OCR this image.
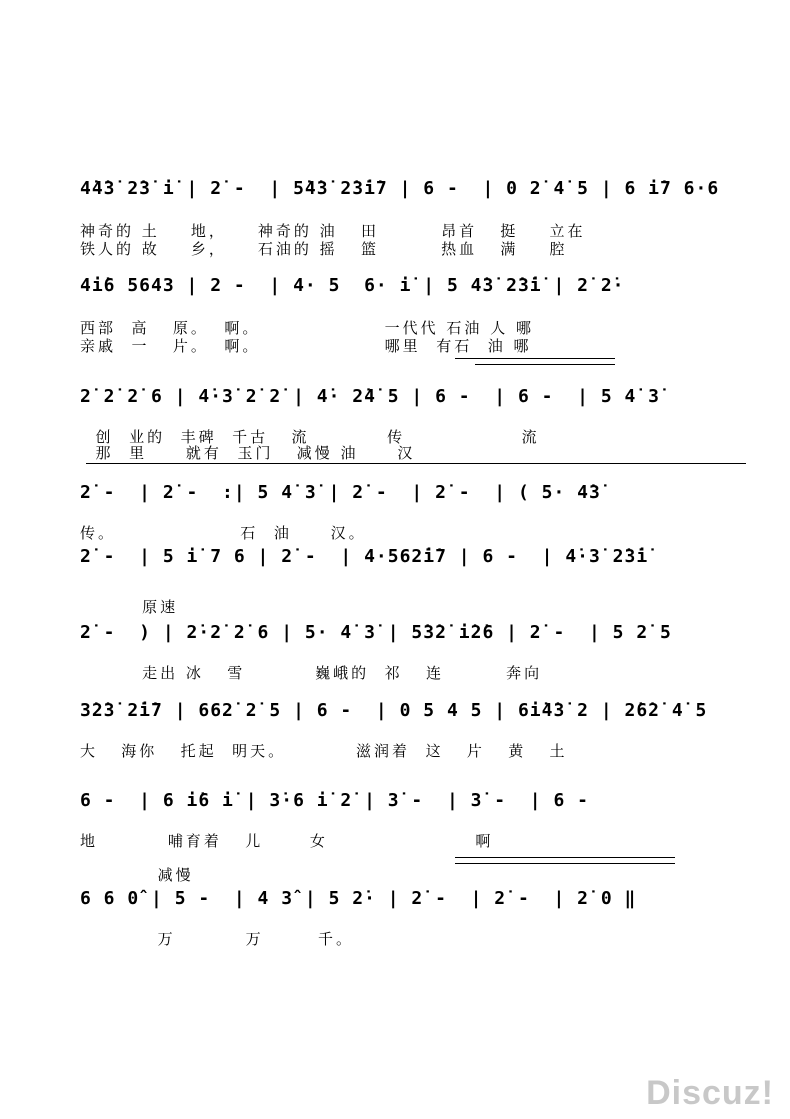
4̇4̇3̇ 2̇3̇ i̇ | 2̇ -  | 5̇4̇3̇ 2̇3̇i̇7 | 6 -  | 0 2̇ 4̇ 5 | 6 i̇7 6·6
神奇的 土    地，    神奇的 油   田        昂首   挺    立在
铁人的 故    乡，    石油的 摇   篮        热血   满    腔
4i̇6 5643 | 2 -  | 4· 5  6· i̇ | 5 4̇3̇ 2̇3̇i̇ | 2̇ 2̇·
西部  高   原。  啊。                一代代 石油 人 哪
亲戚  一   片。  啊。                哪里  有石  油 哪
2̇ 2̇ 2̇ 6 | 4̇·3̇ 2̇ 2̇ | 4̇· 2̇4̇ 5 | 6 -  | 6 -  | 5 4̇ 3̇
创  业的  丰碑  千古   流          传               流
那  里     就有  玉门   减慢 油     汉
2̇ -  | 2̇ -  :| 5 4̇ 3̇ | 2̇ -  | 2̇ -  | ( 5· 4̇3̇
传。                石  油     汉。
2̇ -  | 5 i̇ 7 6 | 2̇ -  | 4·562̇i̇7 | 6 -  | 4̇·3̇ 2̇3̇i̇
原速
2̇ -  ) | 2̇·2̇ 2̇ 6 | 5· 4̇ 3̇ | 5̇3̇2̇ i̇2̇6 | 2̇ -  | 5 2̇ 5
走出 冰   雪         巍峨的  祁   连        奔向
3̇2̇3̇ 2̇i̇7 | 662̇ 2̇ 5 | 6 -  | 0 5 4 5 | 6i̇4̇3̇ 2 | 2̇6̇2̇ 4̇ 5
大   海你   托起  明天。         滋润着  这   片   黄   土
6 -  | 6 i̇6 i̇ | 3̇·6 i̇ 2̇ | 3̇ -  | 3̇ -  | 6 -
地         哺育着   儿      女                   啊
减慢
6 6 0̂ | 5 -  | 4 3̂ | 5 2̇· | 2̇ -  | 2̇ -  | 2̇ 0 ‖
万         万       千。
Discuz!
